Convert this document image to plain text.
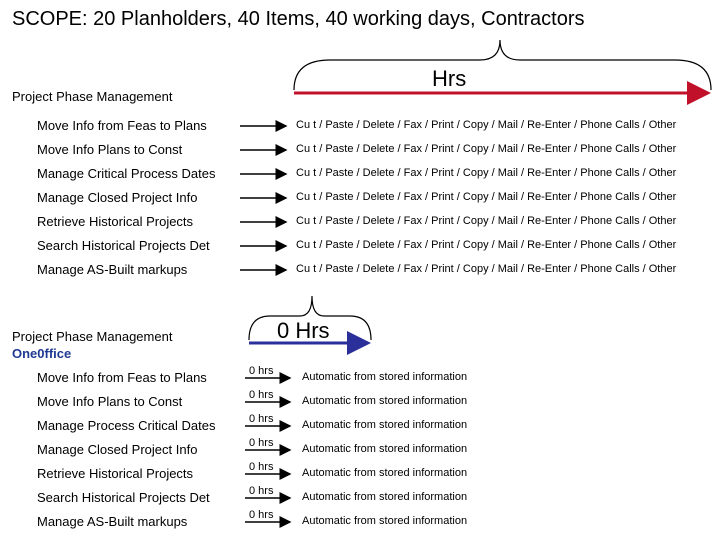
SCOPE: 20 Planholders, 40 Items, 40 working days, Contractors
Project Phase Management
Hrs
Move Info from Feas to Plans
Move Info Plans to Const
Manage Critical Process Dates
Manage Closed Project Info
Retrieve Historical Projects
Search Historical Projects Det
Manage AS-Built markups
Cu t / Paste / Delete / Fax / Print / Copy / Mail / Re-Enter / Phone Calls / Other
Cu t / Paste / Delete / Fax / Print / Copy / Mail / Re-Enter / Phone Calls / Other
Cu t / Paste / Delete / Fax / Print / Copy / Mail / Re-Enter / Phone Calls / Other
Cu t / Paste / Delete / Fax / Print / Copy / Mail / Re-Enter / Phone Calls / Other
Cu t / Paste / Delete / Fax / Print / Copy / Mail / Re-Enter / Phone Calls / Other
Cu t / Paste / Delete / Fax / Print / Copy / Mail / Re-Enter / Phone Calls / Other
Cu t / Paste / Delete / Fax / Print / Copy / Mail / Re-Enter / Phone Calls / Other
Project Phase Management
One0ffice
0 Hrs
Move Info from Feas to Plans
Move Info Plans to Const
Manage Process Critical Dates
Manage Closed Project Info
Retrieve Historical Projects
Search Historical Projects Det
Manage AS-Built markups
0 hrs
0 hrs
0 hrs
0 hrs
0 hrs
0 hrs
0 hrs
Automatic from stored information
Automatic from stored information
Automatic from stored information
Automatic from stored information
Automatic from stored information
Automatic from stored information
Automatic from stored information
